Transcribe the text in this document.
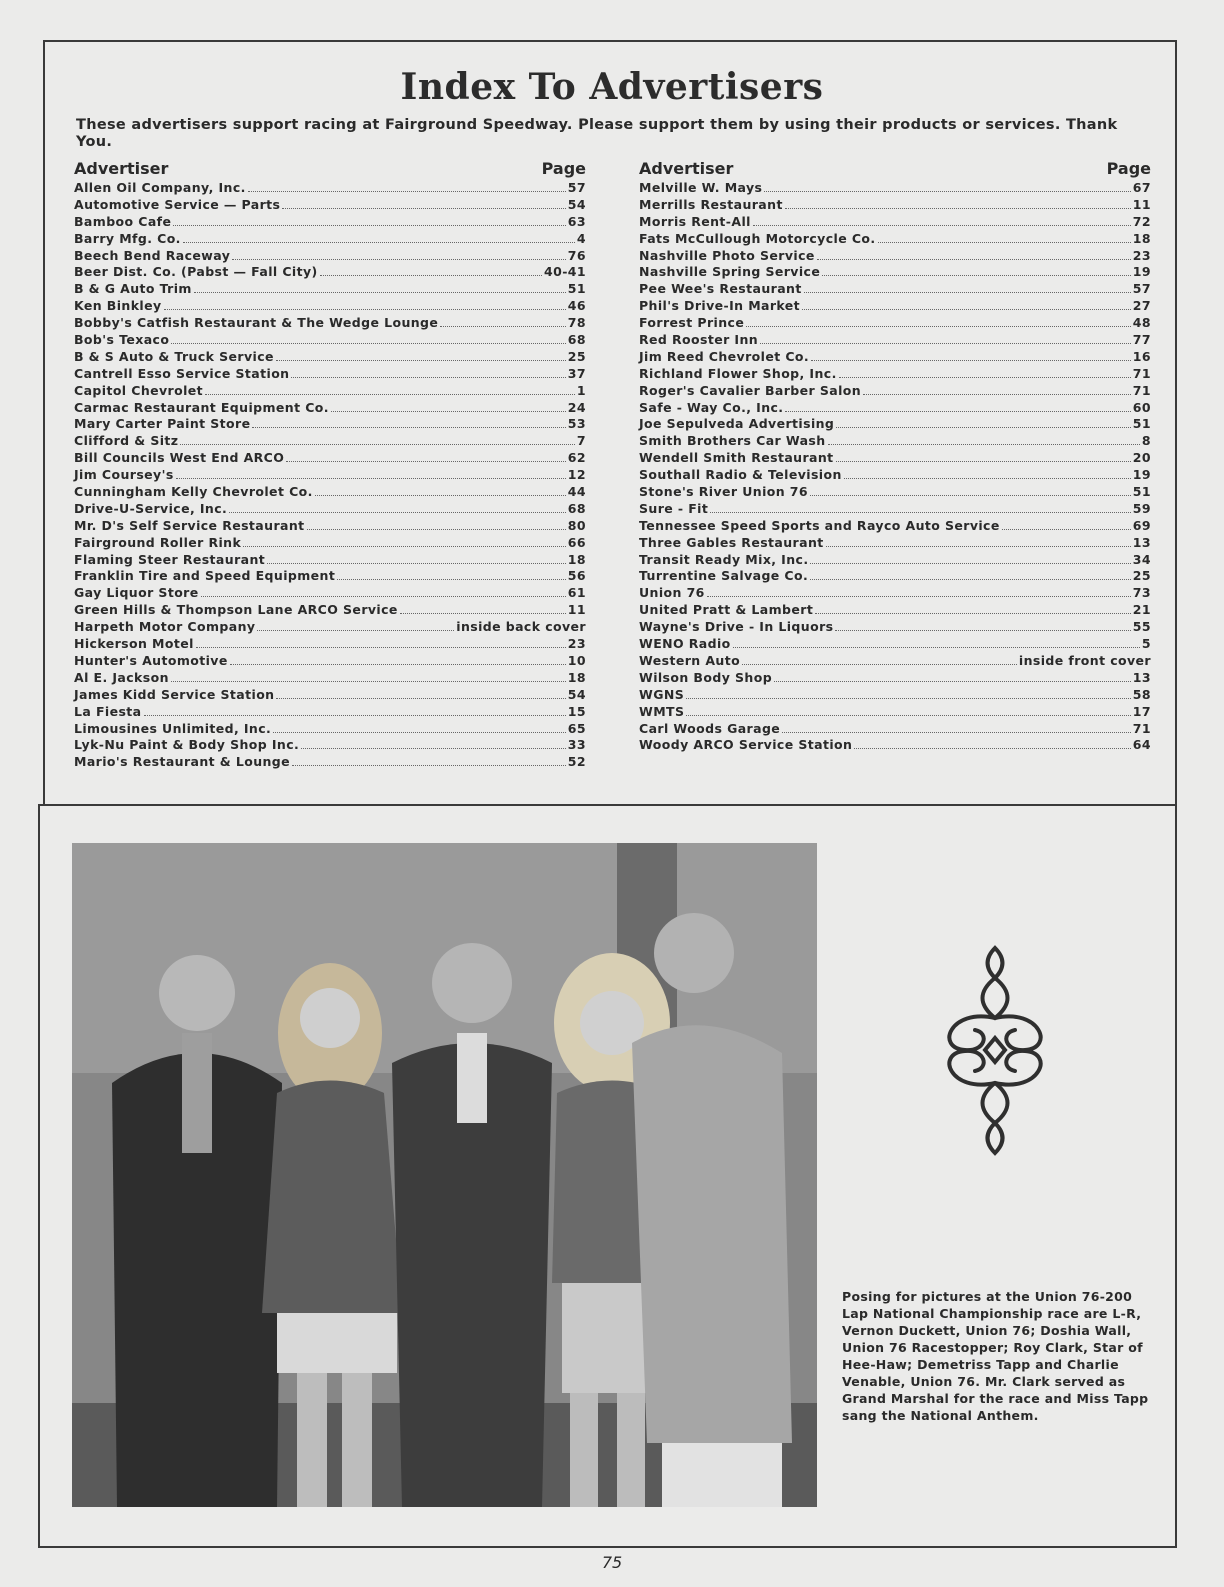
Index To Advertisers
These advertisers support racing at Fairground Speedway. Please support them by using their products or services. Thank You.
Advertiser	Page
Allen Oil Company, Inc.	57
Automotive Service — Parts	54
Bamboo Cafe	63
Barry Mfg. Co.	4
Beech Bend Raceway	76
Beer Dist. Co. (Pabst — Fall City)	40-41
B & G Auto Trim	51
Ken Binkley	46
Bobby's Catfish Restaurant & The Wedge Lounge	78
Bob's Texaco	68
B & S Auto & Truck Service	25
Cantrell Esso Service Station	37
Capitol Chevrolet	1
Carmac Restaurant Equipment Co.	24
Mary Carter Paint Store	53
Clifford & Sitz	7
Bill Councils West End ARCO	62
Jim Coursey's	12
Cunningham Kelly Chevrolet Co.	44
Drive-U-Service, Inc.	68
Mr. D's Self Service Restaurant	80
Fairground Roller Rink	66
Flaming Steer Restaurant	18
Franklin Tire and Speed Equipment	56
Gay Liquor Store	61
Green Hills & Thompson Lane ARCO Service	11
Harpeth Motor Company	inside back cover
Hickerson Motel	23
Hunter's Automotive	10
Al E. Jackson	18
James Kidd Service Station	54
La Fiesta	15
Limousines Unlimited, Inc.	65
Lyk-Nu Paint & Body Shop Inc.	33
Mario's Restaurant & Lounge	52
Advertiser	Page
Melville W. Mays	67
Merrills Restaurant	11
Morris Rent-All	72
Fats McCullough Motorcycle Co.	18
Nashville Photo Service	23
Nashville Spring Service	19
Pee Wee's Restaurant	57
Phil's Drive-In Market	27
Forrest Prince	48
Red Rooster Inn	77
Jim Reed Chevrolet Co.	16
Richland Flower Shop, Inc.	71
Roger's Cavalier Barber Salon	71
Safe - Way Co., Inc.	60
Joe Sepulveda Advertising	51
Smith Brothers Car Wash	8
Wendell Smith Restaurant	20
Southall Radio & Television	19
Stone's River Union 76	51
Sure - Fit	59
Tennessee Speed Sports and Rayco Auto Service	69
Three Gables Restaurant	13
Transit Ready Mix, Inc.	34
Turrentine Salvage Co.	25
Union 76	73
United Pratt & Lambert	21
Wayne's Drive - In Liquors	55
WENO Radio	5
Western Auto	inside front cover
Wilson Body Shop	13
WGNS	58
WMTS	17
Carl Woods Garage	71
Woody ARCO Service Station	64
Posing for pictures at the Union 76-200 Lap National Championship race are L-R, Vernon Duckett, Union 76; Doshia Wall, Union 76 Racestopper; Roy Clark, Star of Hee-Haw; Demetriss Tapp and Charlie Venable, Union 76. Mr. Clark served as Grand Marshal for the race and Miss Tapp sang the National Anthem.
75
